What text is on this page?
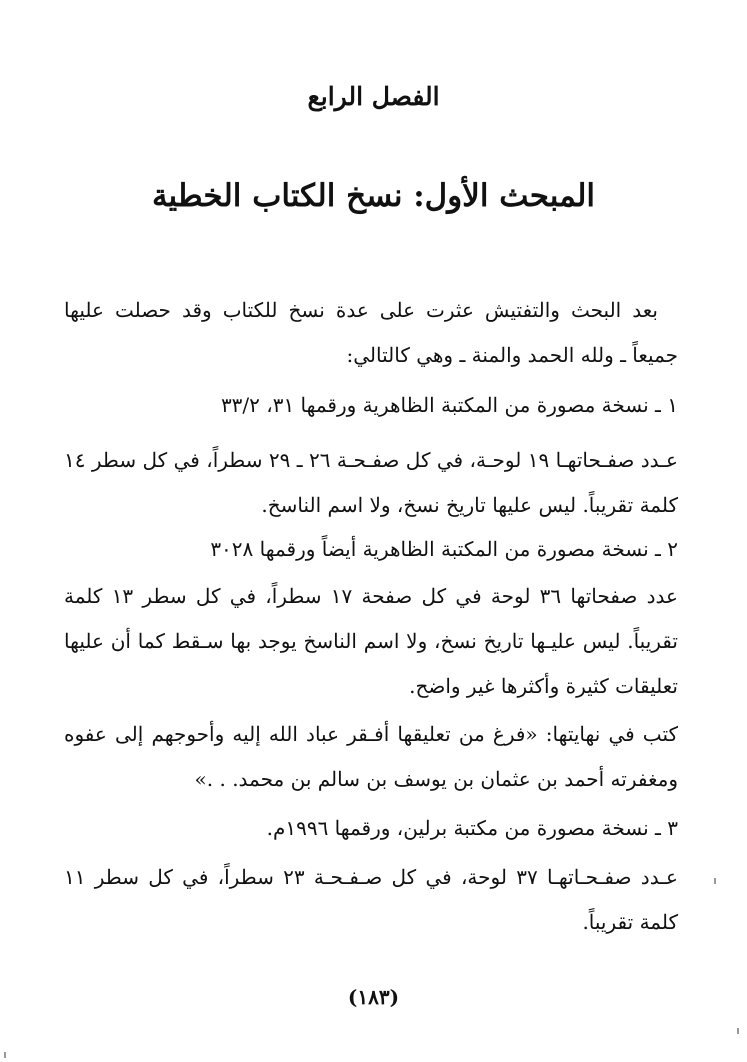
الفصل الرابع
المبحث الأول: نسخ الكتاب الخطية
بعد البحث والتفتيش عثرت على عدة نسخ للكتاب وقد حصلت عليها جميعاً ـ ولله الحمد والمنة ـ وهي كالتالي:
١ ـ نسخة مصورة من المكتبة الظاهرية ورقمها ٣١، ٣٣/٢
عـدد صفـحاتهـا ١٩ لوحـة، في كل صفـحـة ٢٦ ـ ٢٩ سطراً، في كل سطر ١٤ كلمة تقريباً. ليس عليها تاريخ نسخ، ولا اسم الناسخ.
٢ ـ نسخة مصورة من المكتبة الظاهرية أيضاً ورقمها ٣٠٢٨
عدد صفحاتها ٣٦ لوحة في كل صفحة ١٧ سطراً، في كل سطر ١٣ كلمة تقريباً. ليس عليـها تاريخ نسخ، ولا اسم الناسخ يوجد بها سـقط كما أن عليها تعليقات كثيرة وأكثرها غير واضح.
كتب في نهايتها: «فرغ من تعليقها أفـقر عباد الله إليه وأحوجهم إلى عفوه ومغفرته أحمد بن عثمان بن يوسف بن سالم بن محمد. . .»
٣ ـ نسخة مصورة من مكتبة برلين، ورقمها ١٩٩٦م.
عـدد صفـحـاتهـا ٣٧ لوحة، في كل صـفـحـة ٢٣ سطراً، في كل سطر ١١ كلمة تقريباً.
(١٨٣)
